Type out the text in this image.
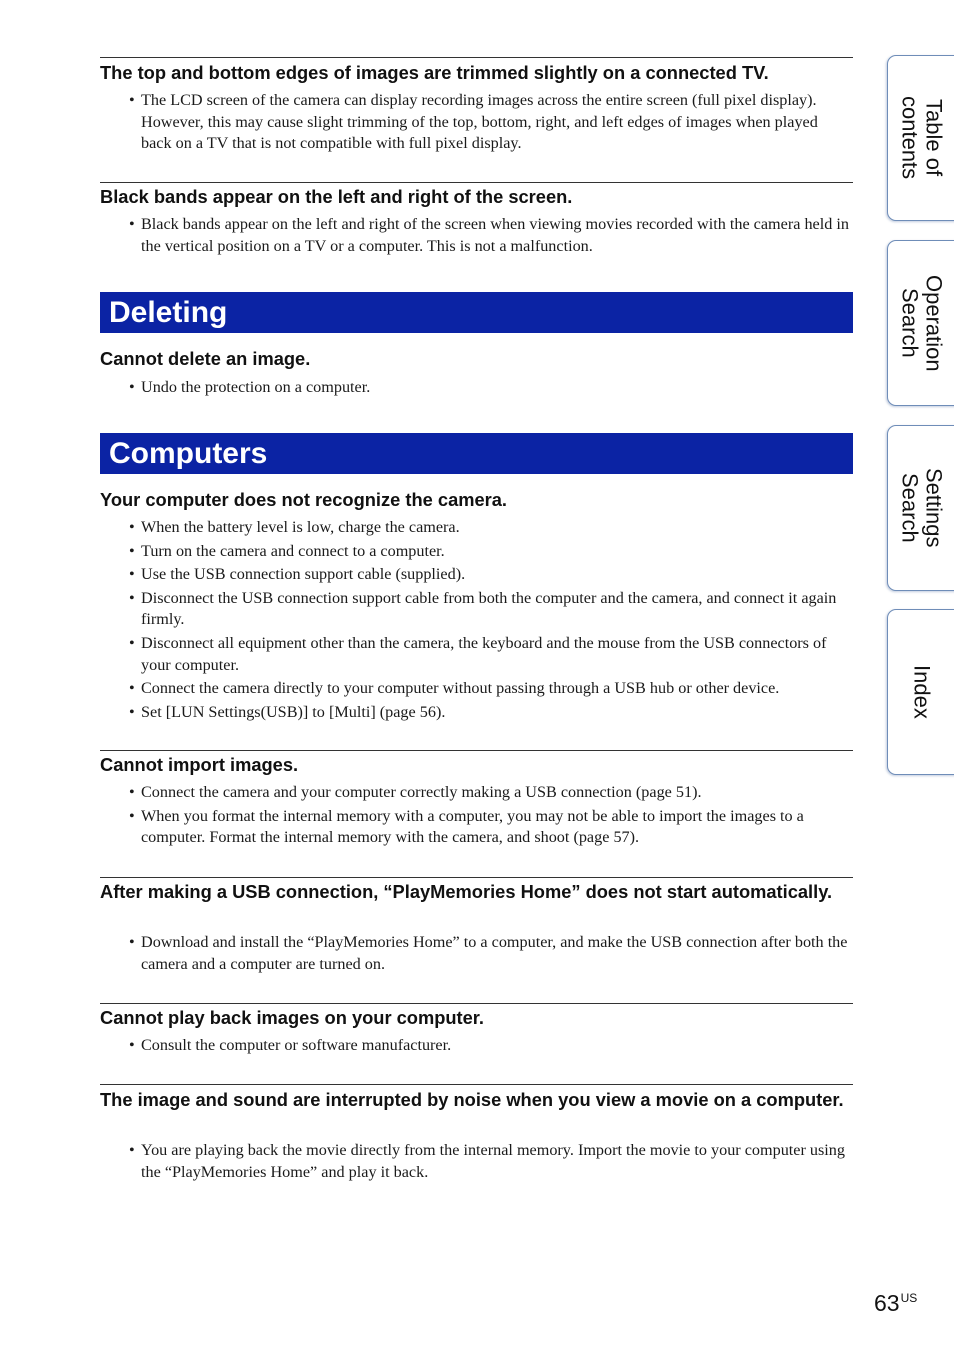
The top and bottom edges of images are trimmed slightly on a connected TV.
• The LCD screen of the camera can display recording images across the entire screen (full pixel display). However, this may cause slight trimming of the top, bottom, right, and left edges of images when played back on a TV that is not compatible with full pixel display.
Black bands appear on the left and right of the screen.
• Black bands appear on the left and right of the screen when viewing movies recorded with the camera held in the vertical position on a TV or a computer. This is not a malfunction.
Deleting
Cannot delete an image.
• Undo the protection on a computer.
Computers
Your computer does not recognize the camera.
• When the battery level is low, charge the camera.
• Turn on the camera and connect to a computer.
• Use the USB connection support cable (supplied).
• Disconnect the USB connection support cable from both the computer and the camera, and connect it again firmly.
• Disconnect all equipment other than the camera, the keyboard and the mouse from the USB connectors of your computer.
• Connect the camera directly to your computer without passing through a USB hub or other device.
• Set [LUN Settings(USB)] to [Multi] (page 56).
Cannot import images.
• Connect the camera and your computer correctly making a USB connection (page 51).
• When you format the internal memory with a computer, you may not be able to import the images to a computer. Format the internal memory with the camera, and shoot (page 57).
After making a USB connection, “PlayMemories Home” does not start automatically.
• Download and install the “PlayMemories Home” to a computer, and make the USB connection after both the camera and a computer are turned on.
Cannot play back images on your computer.
• Consult the computer or software manufacturer.
The image and sound are interrupted by noise when you view a movie on a computer.
• You are playing back the movie directly from the internal memory. Import the movie to your computer using the “PlayMemories Home” and play it back.
Table of
contents
Operation
Search
Settings
Search
Index
$63^{US}$
